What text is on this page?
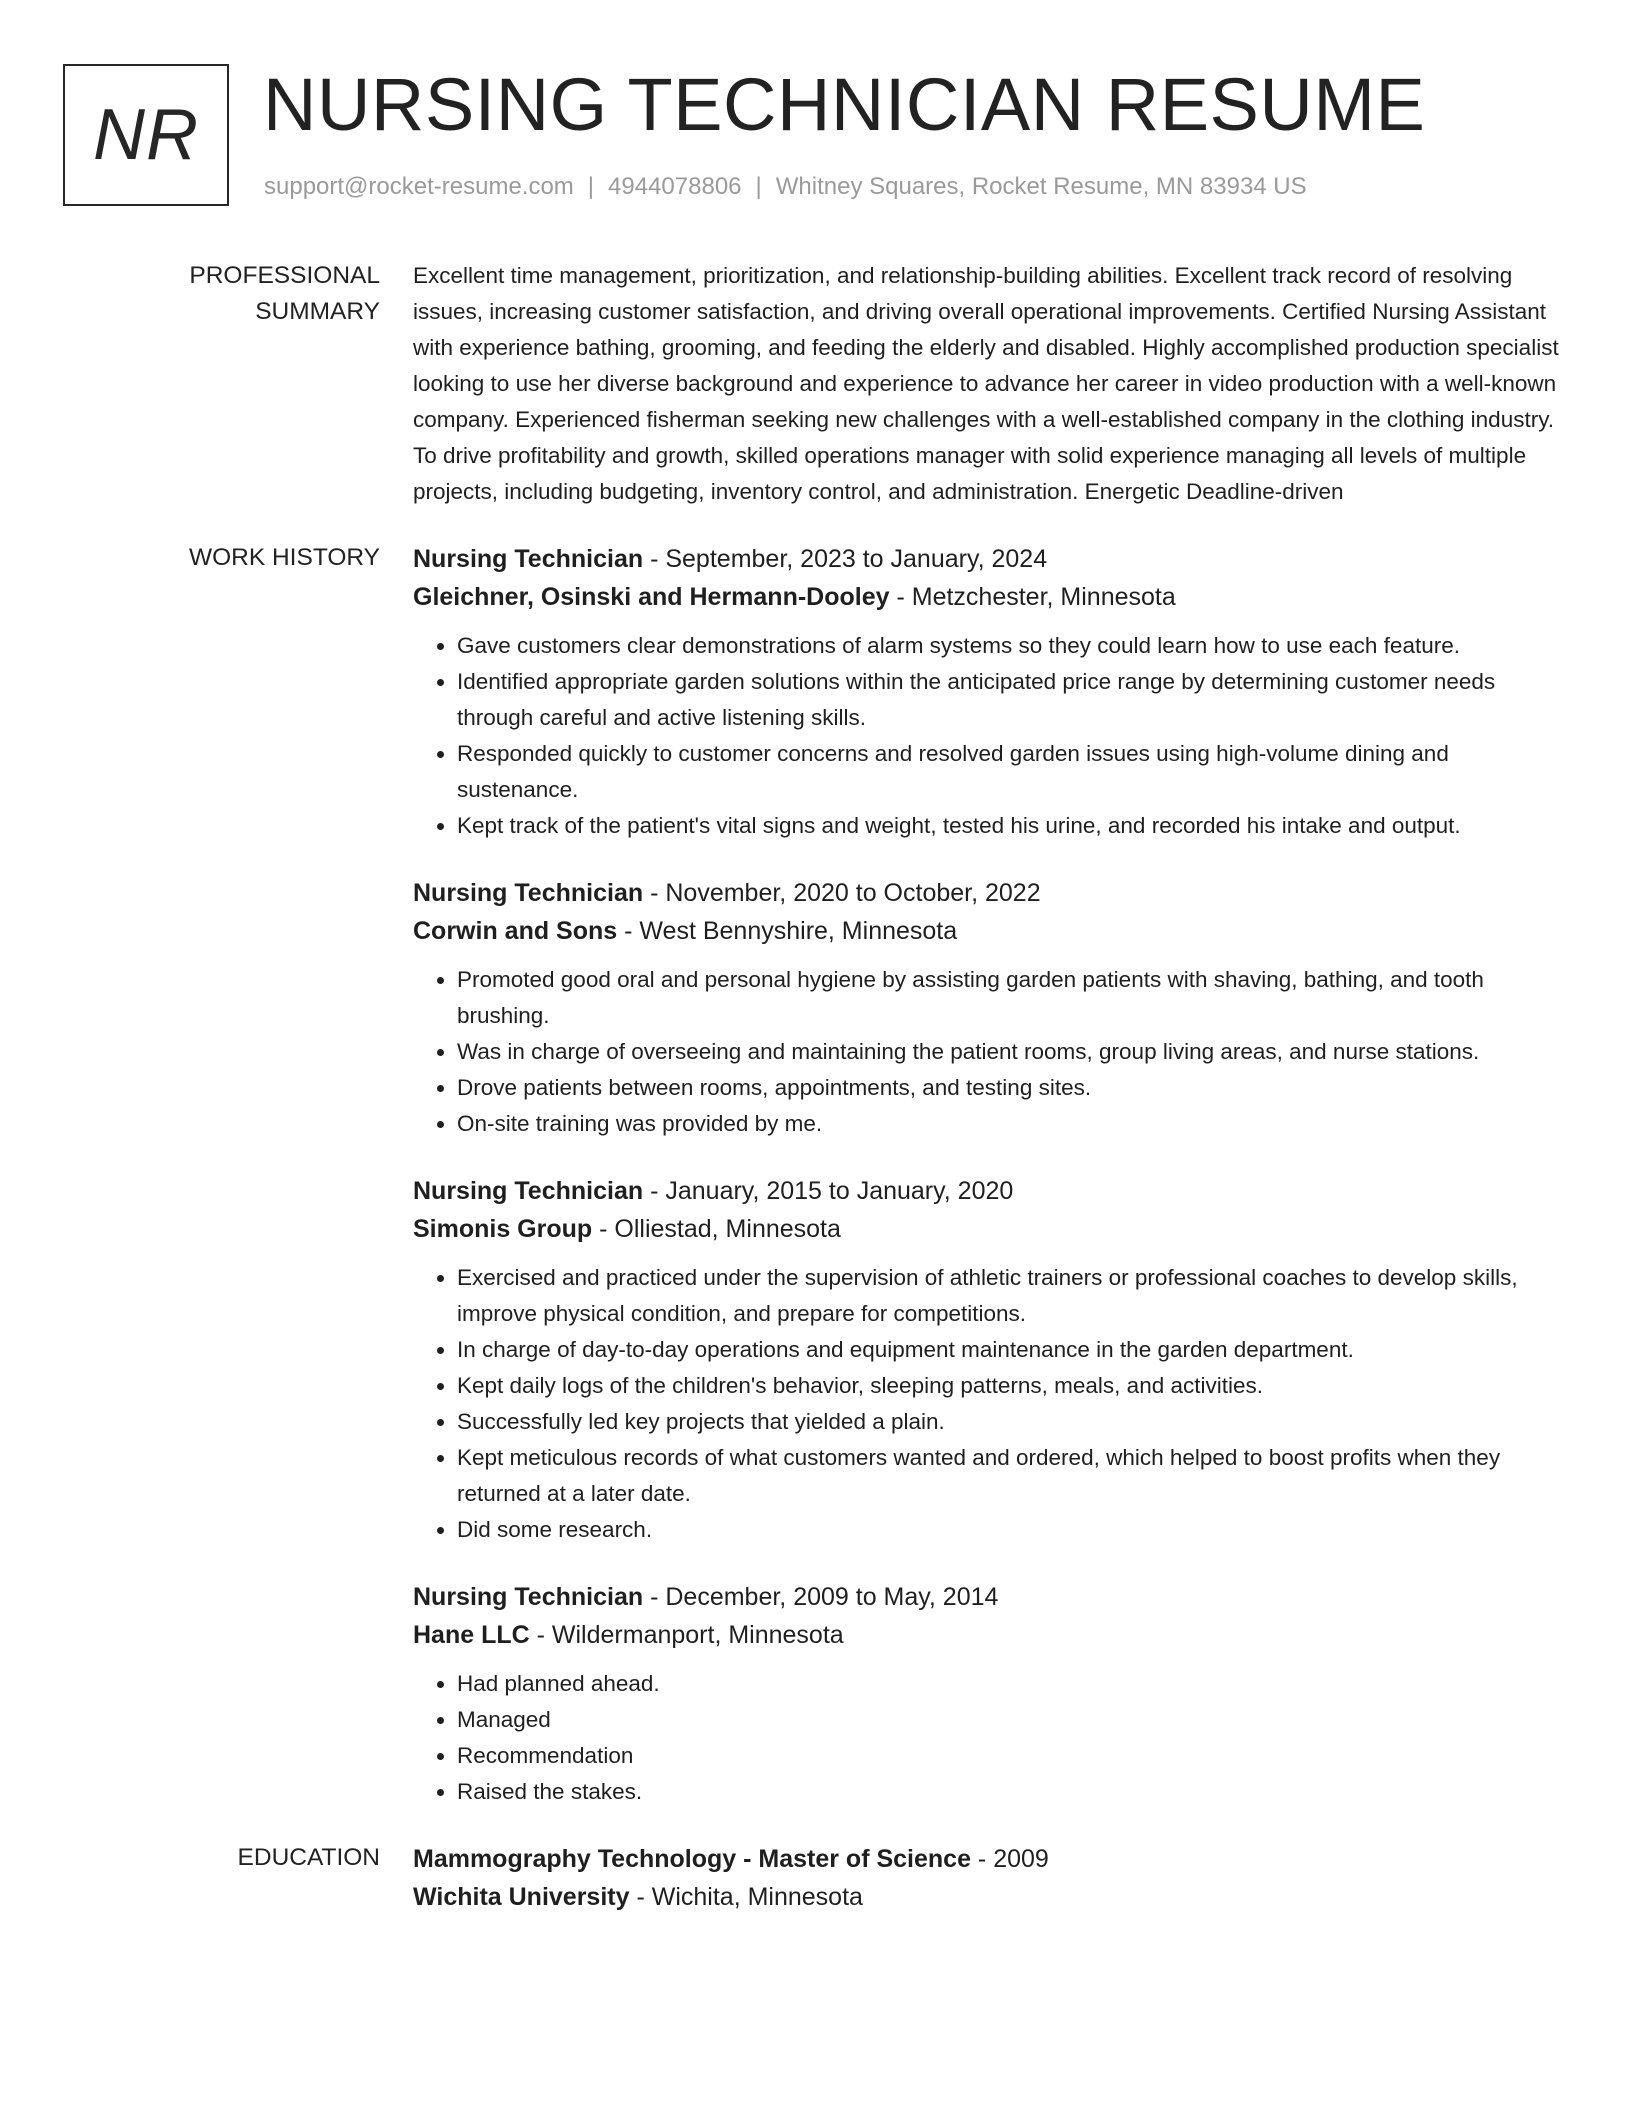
NR NURSING TECHNICIAN RESUME
support@rocket-resume.com | 4944078806 | Whitney Squares, Rocket Resume, MN 83934 US
PROFESSIONAL SUMMARY

Excellent time management, prioritization, and relationship-building abilities. Excellent track record of resolving issues, increasing customer satisfaction, and driving overall operational improvements. Certified Nursing Assistant with experience bathing, grooming, and feeding the elderly and disabled. Highly accomplished production specialist looking to use her diverse background and experience to advance her career in video production with a well-known company. Experienced fisherman seeking new challenges with a well-established company in the clothing industry. To drive profitability and growth, skilled operations manager with solid experience managing all levels of multiple projects, including budgeting, inventory control, and administration. Energetic Deadline-driven

WORK HISTORY	Nursing Technician - September, 2023 to January, 2024
Gleichner, Osinski and Hermann-Dooley - Metzchester, Minnesota
• Gave customers clear demonstrations of alarm systems so they could learn how to use each feature.
• Identified appropriate garden solutions within the anticipated price range by determining customer needs through careful and active listening skills.
• Responded quickly to customer concerns and resolved garden issues using high-volume dining and sustenance.
• Kept track of the patient's vital signs and weight, tested his urine, and recorded his intake and output.
Nursing Technician - November, 2020 to October, 2022
Corwin and Sons - West Bennyshire, Minnesota
• Promoted good oral and personal hygiene by assisting garden patients with shaving, bathing, and tooth brushing.
• Was in charge of overseeing and maintaining the patient rooms, group living areas, and nurse stations.
• Drove patients between rooms, appointments, and testing sites.
• On-site training was provided by me.
Nursing Technician - January, 2015 to January, 2020
Simonis Group - Olliestad, Minnesota
• Exercised and practiced under the supervision of athletic trainers or professional coaches to develop skills, improve physical condition, and prepare for competitions.
• In charge of day-to-day operations and equipment maintenance in the garden department.
• Kept daily logs of the children's behavior, sleeping patterns, meals, and activities.
• Successfully led key projects that yielded a plain.
• Kept meticulous records of what customers wanted and ordered, which helped to boost profits when they returned at a later date.
• Did some research.
Nursing Technician - December, 2009 to May, 2014
Hane LLC - Wildermanport, Minnesota
• Had planned ahead.
• Managed
• Recommendation
• Raised the stakes.
EDUCATION	Mammography Technology - Master of Science - 2009
Wichita University - Wichita, Minnesota
